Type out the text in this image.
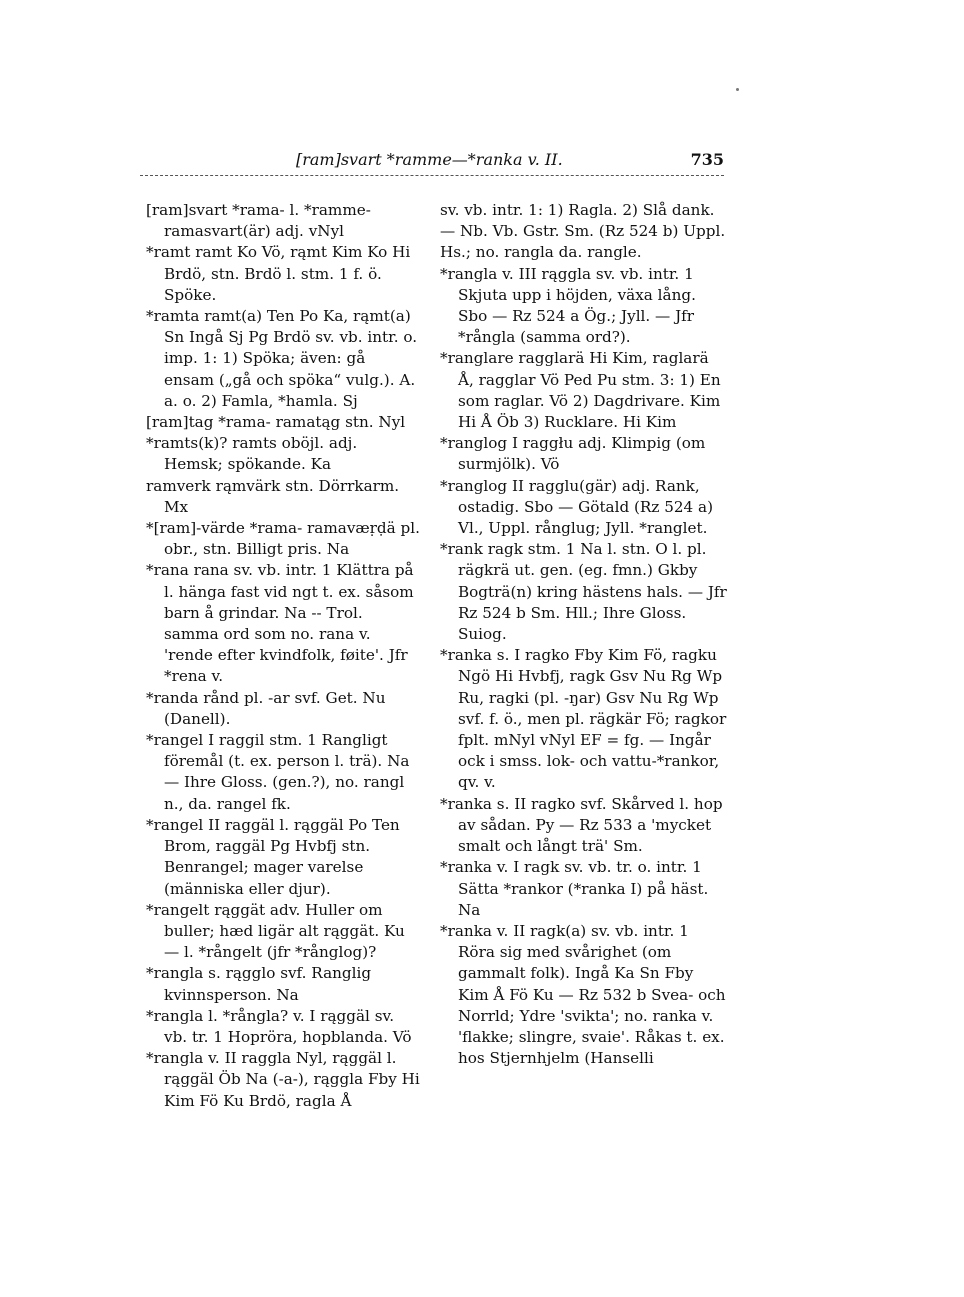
[ram]svart *ramme—*ranka v. II.	735

[ram]svart *rama- l. *ramme- ramasvart(är) adj. vNyl

*ramt ramt Ko Vö, rąmt Kim Ko Hi Brdö, stn. Brdö l. stm. 1 f. ö. Spöke.

*ramta ramt(a) Ten Po Ka, rąmt(a) Sn Ingå Sj Pg Brdö sv. vb. intr. o. imp. 1: 1) Spöka; även: gå ensam („gå och spöka“ vulg.). A. a. o. 2) Famla, *hamla. Sj

[ram]tag *rama- ramatąg stn. Nyl

*ramts(k)? ramts oböjl. adj. Hemsk; spökande. Ka

ramverk rąmvärk stn. Dörrkarm. Mx

*[ram]-värde *rama- ramavæṛḍä pl. obr., stn. Billigt pris. Na

*rana rana sv. vb. intr. 1 Klättra på l. hänga fast vid ngt t. ex. såsom barn å grindar. Na -- Trol. samma ord som no. rana v. 'rende efter kvindfolk, føite'. Jfr *rena v.

*randa rånd pl. -ar svf. Get. Nu (Danell).

*rangel I raggil stm. 1 Rangligt föremål (t. ex. person l. trä). Na — Ihre Gloss. (gen.?), no. rangl n., da. rangel fk.

*rangel II raggäl l. rąggäl Po Ten Brom, raggäl Pg Hvbfj stn. Benrangel; mager varelse (människa eller djur).

*rangelt rąggät adv. Huller om buller; hæd ligär alt rąggät. Ku — l. *rångelt (jfr *rånglog)?

*rangla s. rągglo svf. Ranglig kvinnsperson. Na

*rangla l. *rångla? v. I rąggäl sv. vb. tr. 1 Hopröra, hopblanda. Vö

*rangla v. II raggla Nyl, rąggäl l. rąggäl Öb Na (-a-), rąggla Fby Hi Kim Fö Ku Brdö, ragla Å

sv. vb. intr. 1: 1) Ragla. 2) Slå dank. — Nb. Vb. Gstr. Sm. (Rz 524 b) Uppl. Hs.; no. rangla da. rangle.

*rangla v. III rąggla sv. vb. intr. 1 Skjuta upp i höjden, växa lång. Sbo — Rz 524 a Ög.; Jyll. — Jfr *rångla (samma ord?).

*ranglare ragglarä Hi Kim, raglarä Å, ragglar Vö Ped Pu stm. 3: 1) En som raglar. Vö 2) Dagdrivare. Kim Hi Å Öb 3) Rucklare. Hi Kim

*ranglog I raggłu adj. Klimpig (om surmjölk). Vö

*ranglog II ragglu(gär) adj. Rank, ostadig. Sbo — Götald (Rz 524 a) Vl., Uppl. rånglug; Jyll. *ranglet.

*rank ragk stm. 1 Na l. stn. O l. pl. rägkrä ut. gen. (eg. fmn.) Gkby Bogträ(n) kring hästens hals. — Jfr Rz 524 b Sm. Hll.; Ihre Gloss. Suiog.

*ranka s. I ragko Fby Kim Fö, ragku Ngö Hi Hvbfj, ragk Gsv Nu Rg Wp Ru, ragki (pl. -ŋar) Gsv Nu Rg Wp svf. f. ö., men pl. rägkär Fö; ragkor fplt. mNyl vNyl EF = fg. — Ingår ock i smss. lok- och vattu-*rankor, qv. v.

*ranka s. II ragko svf. Skårved l. hop av sådan. Py — Rz 533 a 'mycket smalt och långt trä' Sm.

*ranka v. I ragk sv. vb. tr. o. intr. 1 Sätta *rankor (*ranka I) på häst. Na

*ranka v. II ragk(a) sv. vb. intr. 1 Röra sig med svårighet (om gammalt folk). Ingå Ka Sn Fby Kim Å Fö Ku — Rz 532 b Svea- och Norrld; Ydre 'svikta'; no. ranka v. 'flakke; slingre, svaie'. Råkas t. ex. hos Stjernhjelm (Hanselli
